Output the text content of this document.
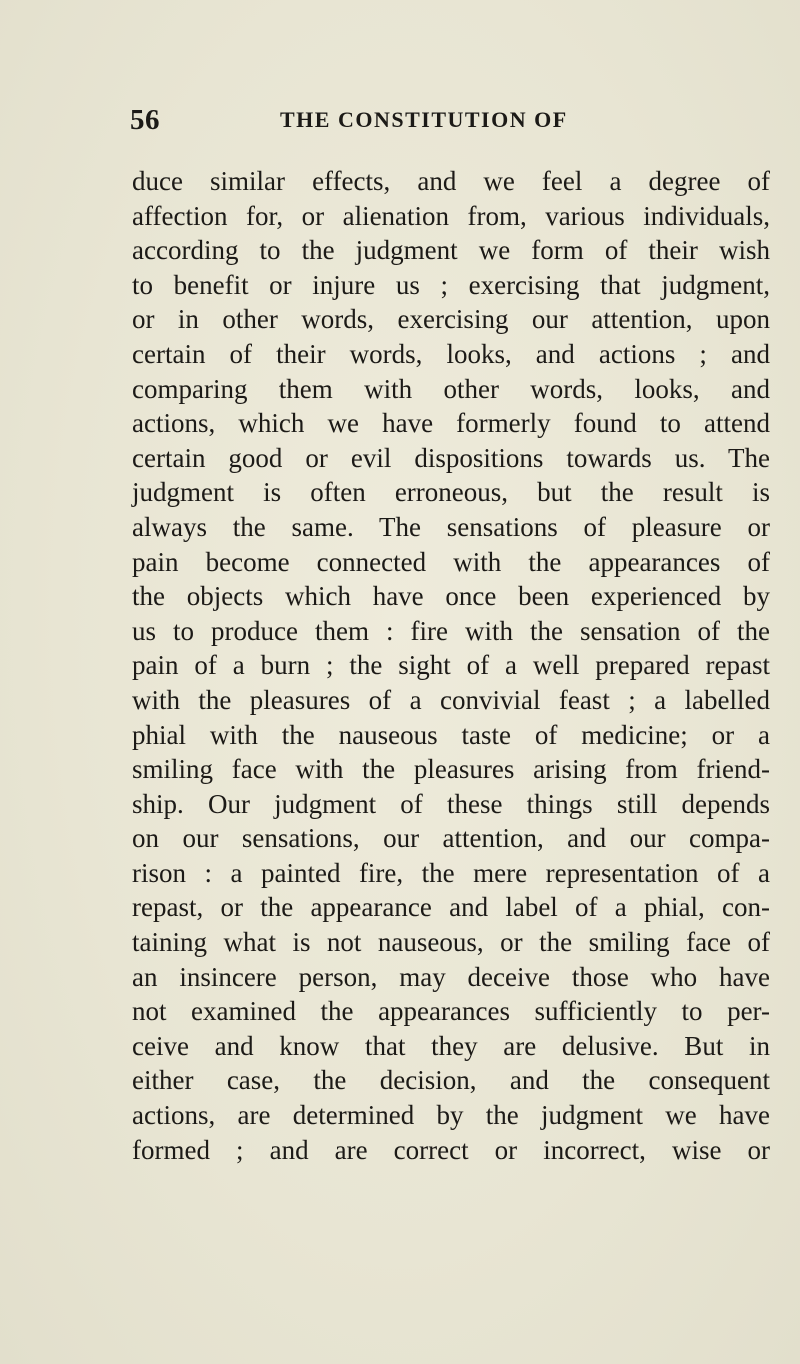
56	THE CONSTITUTION OF
duce similar effects, and we feel a degree of
affection for, or alienation from, various individuals,
according to the judgment we form of their wish
to benefit or injure us ; exercising that judgment,
or in other words, exercising our attention, upon
certain of their words, looks, and actions ; and
comparing them with other words, looks, and
actions, which we have formerly found to attend
certain good or evil dispositions towards us. The
judgment is often erroneous, but the result is
always the same. The sensations of pleasure or
pain become connected with the appearances of
the objects which have once been experienced by
us to produce them : fire with the sensation of the
pain of a burn ; the sight of a well prepared repast
with the pleasures of a convivial feast ; a labelled
phial with the nauseous taste of medicine; or a
smiling face with the pleasures arising from friend-
ship. Our judgment of these things still depends
on our sensations, our attention, and our compa-
rison : a painted fire, the mere representation of a
repast, or the appearance and label of a phial, con-
taining what is not nauseous, or the smiling face of
an insincere person, may deceive those who have
not examined the appearances sufficiently to per-
ceive and know that they are delusive. But in
either case, the decision, and the consequent
actions, are determined by the judgment we have
formed ; and are correct or incorrect, wise or
